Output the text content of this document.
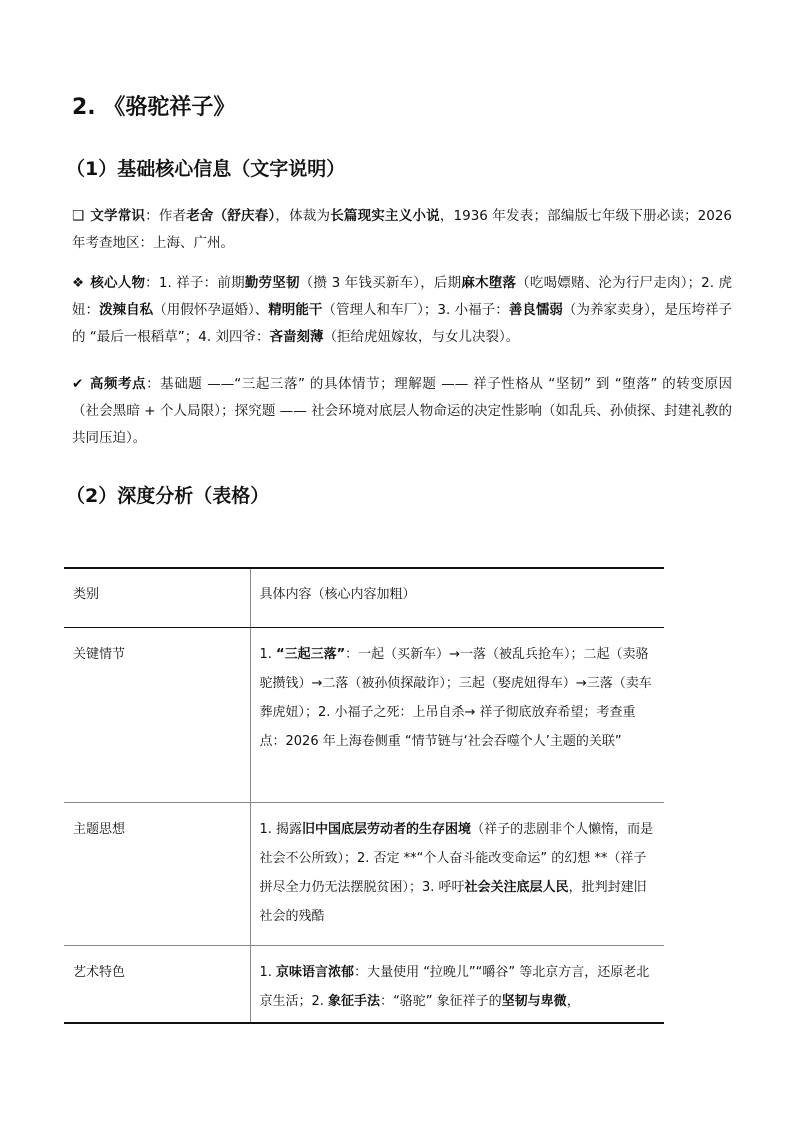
2. 《骆驼祥子》
（1）基础核心信息（文字说明）

❑ 文学常识：作者老舍（舒庆春），体裁为长篇现实主义小说，1936 年发表；部编版七年级下册必读；2026 年考查地区：上海、广州。

❖ 核心人物：1. 祥子：前期勤劳坚韧（攒 3 年钱买新车），后期麻木堕落（吃喝嫖赌、沦为行尸走肉）；2. 虎妞：泼辣自私（用假怀孕逼婚）、精明能干（管理人和车厂）；3. 小福子：善良懦弱（为养家卖身），是压垮祥子的 “最后一根稻草”；4. 刘四爷：吝啬刻薄（拒给虎妞嫁妆，与女儿决裂）。

✔ 高频考点：基础题 ——“三起三落” 的具体情节；理解题 —— 祥子性格从 “坚韧” 到 “堕落” 的转变原因（社会黑暗 + 个人局限）；探究题 —— 社会环境对底层人物命运的决定性影响（如乱兵、孙侦探、封建礼教的共同压迫）。

（2）深度分析（表格）
类别	具体内容（核心内容加粗）
关键情节	1. “三起三落”：一起（买新车）→一落（被乱兵抢车）；二起（卖骆驼攒钱）→二落（被孙侦探敲诈）；三起（娶虎妞得车）→三落（卖车葬虎妞）；2. 小福子之死：上吊自杀→ 祥子彻底放弃希望；考查重点：2026 年上海卷侧重 “情节链与‘社会吞噬个人’主题的关联”
主题思想	1. 揭露旧中国底层劳动者的生存困境（祥子的悲剧非个人懒惰，而是社会不公所致）；2. 否定 **“个人奋斗能改变命运” 的幻想 **（祥子拼尽全力仍无法摆脱贫困）；3. 呼吁社会关注底层人民，批判封建旧社会的残酷
艺术特色	1. 京味语言浓郁：大量使用 “拉晚儿”“嚼谷” 等北京方言，还原老北京生活；2. 象征手法：“骆驼” 象征祥子的坚韧与卑微，
